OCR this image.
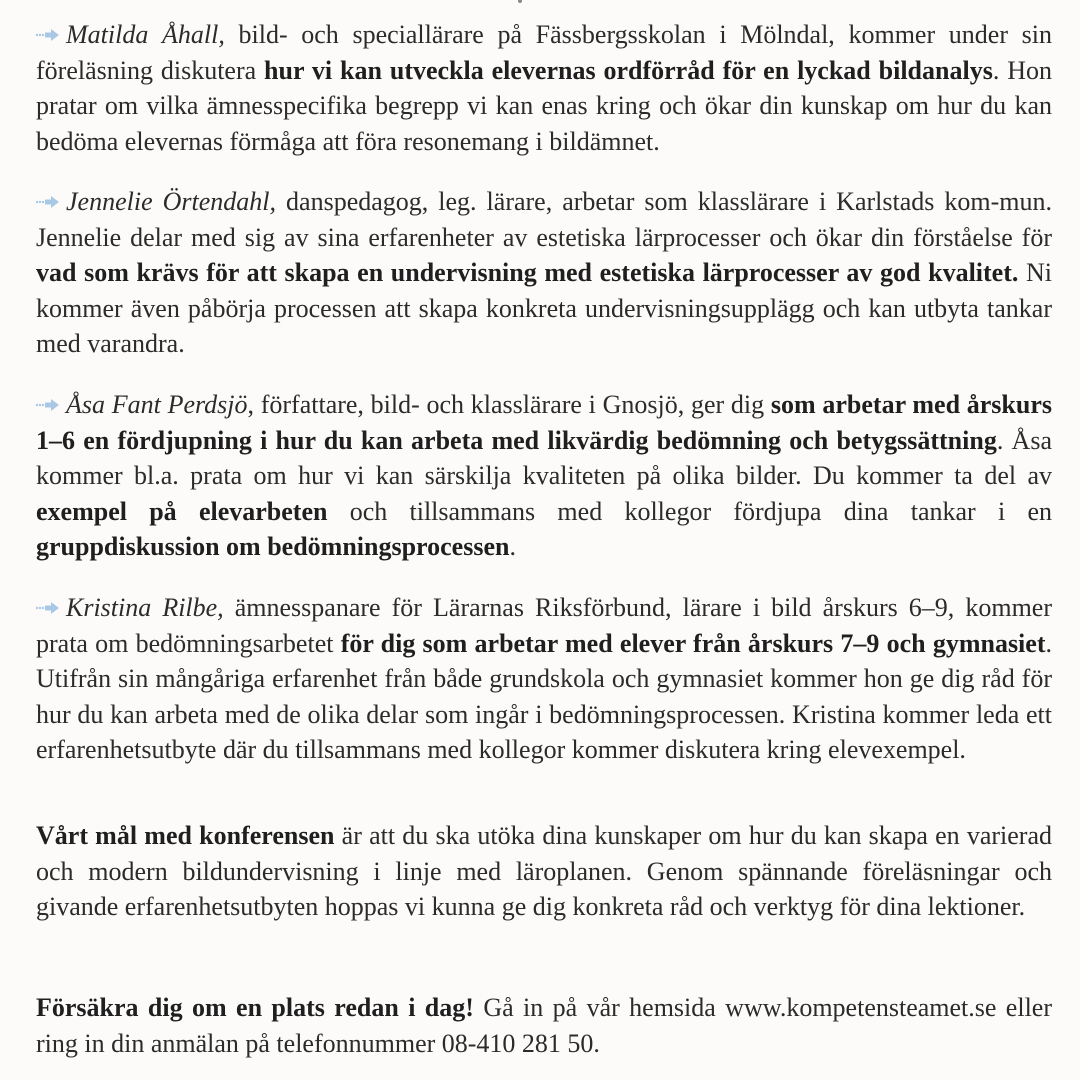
Matilda Åhall, bild- och speciallärare på Fässbergsskolan i Mölndal, kommer under sin föreläsning diskutera hur vi kan utveckla elevernas ordförråd för en lyckad bildanalys. Hon pratar om vilka ämnesspecifika begrepp vi kan enas kring och ökar din kunskap om hur du kan bedöma elevernas förmåga att föra resonemang i bildämnet.

Jennelie Örtendahl, danspedagog, leg. lärare, arbetar som klasslärare i Karlstads kom-mun. Jennelie delar med sig av sina erfarenheter av estetiska lärprocesser och ökar din förståelse för vad som krävs för att skapa en undervisning med estetiska lärprocesser av god kvalitet. Ni kommer även påbörja processen att skapa konkreta undervisningsupplägg och kan utbyta tankar med varandra.

Åsa Fant Perdsjö, författare, bild- och klasslärare i Gnosjö, ger dig som arbetar med årskurs 1–6 en fördjupning i hur du kan arbeta med likvärdig bedömning och betygssättning. Åsa kommer bl.a. prata om hur vi kan särskilja kvaliteten på olika bilder. Du kommer ta del av exempel på elevarbeten och tillsammans med kollegor fördjupa dina tankar i en gruppdiskussion om bedömningsprocessen.

Kristina Rilbe, ämnesspanare för Lärarnas Riksförbund, lärare i bild årskurs 6–9, kommer prata om bedömningsarbetet för dig som arbetar med elever från årskurs 7–9 och gymnasiet. Utifrån sin mångåriga erfarenhet från både grundskola och gymnasiet kommer hon ge dig råd för hur du kan arbeta med de olika delar som ingår i bedömningsprocessen. Kristina kommer leda ett erfarenhetsutbyte där du tillsammans med kollegor kommer diskutera kring elevexempel.

Vårt mål med konferensen är att du ska utöka dina kunskaper om hur du kan skapa en varierad och modern bildundervisning i linje med läroplanen. Genom spännande föreläsningar och givande erfarenhetsutbyten hoppas vi kunna ge dig konkreta råd och verktyg för dina lektioner.

Försäkra dig om en plats redan i dag! Gå in på vår hemsida www.kompetensteamet.se eller ring in din anmälan på telefonnummer 08-410 281 50.
